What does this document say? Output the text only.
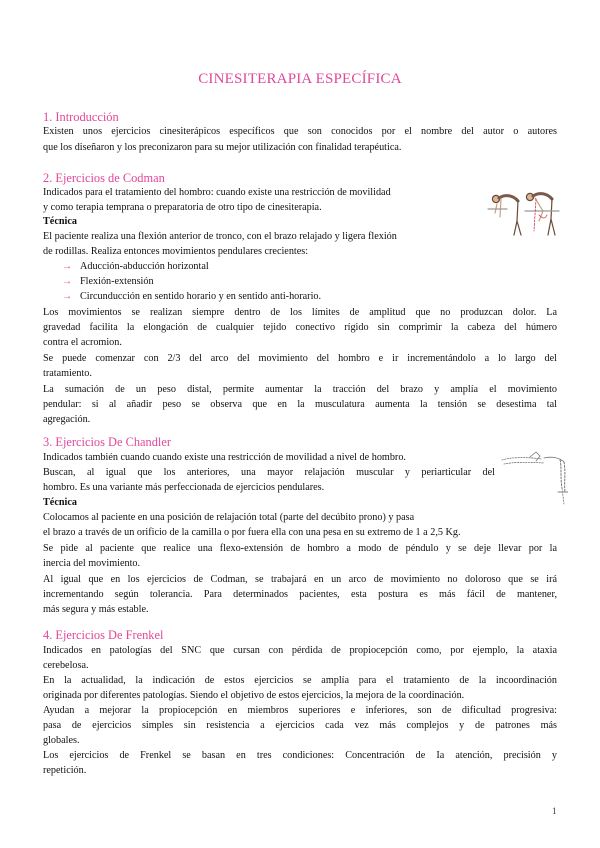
CINESITERAPIA ESPECÍFICA
1. Introducción

Existen unos ejercicios cinesiterápicos específicos que son conocidos por el nombre del autor o autores

que los diseñaron y los preconizaron para su mejor utilización con finalidad terapéutica.

2. Ejercicios de Codman

Indicados para el tratamiento del hombro: cuando existe una restricción de movilidad

y como terapia temprana o preparatoria de otro tipo de cinesiterapia.

Técnica

El paciente realiza una flexión anterior de tronco, con el brazo relajado y ligera flexión

de rodillas. Realiza entonces movimientos pendulares crecientes:

→ Aducción-abducción horizontal
→ Flexión-extensión
→ Circunducción en sentido horario y en sentido anti-horario.

Los movimientos se realizan siempre dentro de los límites de amplitud que no produzcan dolor. La

gravedad facilita la elongación de cualquier tejido conectivo rígido sin comprimir la cabeza del húmero

contra el acromion.

Se puede comenzar con 2/3 del arco del movimiento del hombro e ir incrementándolo a lo largo del

tratamiento.

La sumación de un peso distal, permite aumentar la tracción del brazo y amplía el movimiento

pendular: si al añadir peso se observa que en la musculatura aumenta la tensión se desestima tal

agregación.

3. Ejercicios De Chandler

Indicados también cuando cuando existe una restricción de movilidad a nivel de hombro.

Buscan, al igual que los anteriores, una mayor relajación muscular y periarticular del

hombro. Es una variante más perfeccionada de ejercicios pendulares.

Técnica

Colocamos al paciente en una posición de relajación total (parte del decúbito prono) y pasa

el brazo a través de un orificio de la camilla o por fuera ella con una pesa en su extremo de 1 a 2,5 Kg.

Se pide al paciente que realice una flexo-extensión de hombro a modo de péndulo y se deje llevar por la

inercia del movimiento.

Al igual que en los ejercicios de Codman, se trabajará en un arco de movimiento no doloroso que se irá

incrementando según tolerancia. Para determinados pacientes, esta postura es más fácil de mantener,

más segura y más estable.

4. Ejercicios De Frenkel

Indicados en patologías del SNC que cursan con pérdida de propiocepción como, por ejemplo, la ataxia

cerebelosa.

En la actualidad, la indicación de estos ejercicios se amplía para el tratamiento de la incoordinación

originada por diferentes patologías. Siendo el objetivo de estos ejercicios, la mejora de la coordinación.

Ayudan a mejorar la propiocepción en miembros superiores e inferiores, son de dificultad progresiva:

pasa de ejercicios simples sin resistencia a ejercicios cada vez más complejos y de patrones más

globales.

Los ejercicios de Frenkel se basan en tres condiciones: Concentración de Ia atención, precisión y

repetición.

1
